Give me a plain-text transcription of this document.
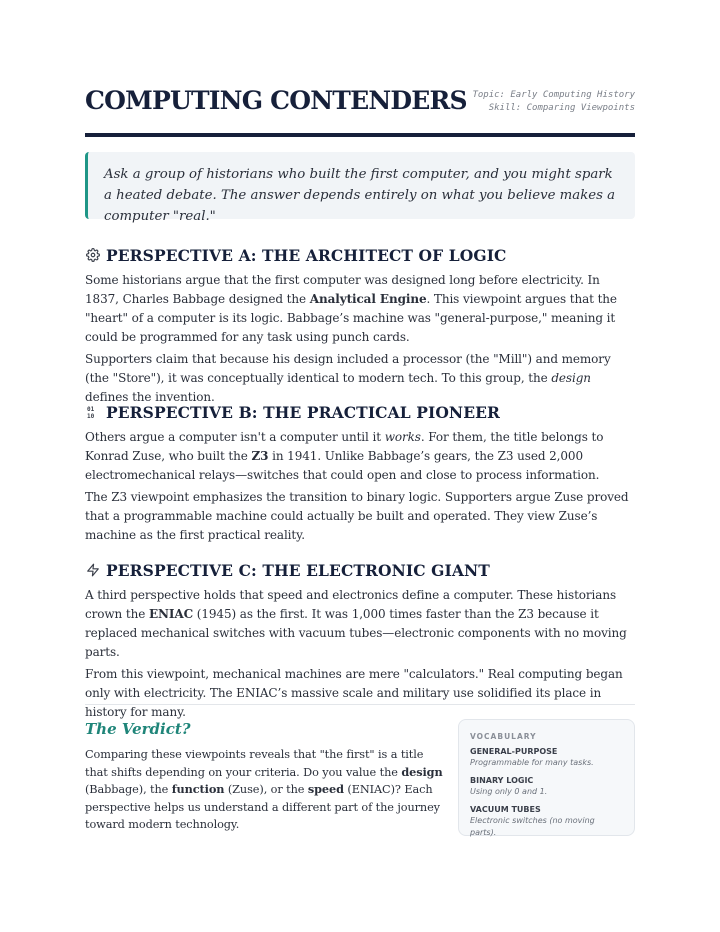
COMPUTING CONTENDERS Topic: Early Computing History
Skill: Comparing Viewpoints
Ask a group of historians who built the first computer, and you might spark a heated debate. The answer depends entirely on what you believe makes a computer "real."
PERSPECTIVE A: THE ARCHITECT OF LOGIC

Some historians argue that the first computer was designed long before electricity. In 1837, Charles Babbage designed the Analytical Engine. This viewpoint argues that the "heart" of a computer is its logic. Babbage’s machine was "general-purpose," meaning it could be programmed for any task using punch cards.

Supporters claim that because his design included a processor (the "Mill") and memory (the "Store"), it was conceptually identical to modern tech. To this group, the design defines the invention.

01
10 PERSPECTIVE B: THE PRACTICAL PIONEER

Others argue a computer isn't a computer until it works. For them, the title belongs to Konrad Zuse, who built the Z3 in 1941. Unlike Babbage’s gears, the Z3 used 2,000 electromechanical relays—switches that could open and close to process information.

The Z3 viewpoint emphasizes the transition to binary logic. Supporters argue Zuse proved that a programmable machine could actually be built and operated. They view Zuse’s machine as the first practical reality.

PERSPECTIVE C: THE ELECTRONIC GIANT

A third perspective holds that speed and electronics define a computer. These historians crown the ENIAC (1945) as the first. It was 1,000 times faster than the Z3 because it replaced mechanical switches with vacuum tubes—electronic components with no moving parts.

From this viewpoint, mechanical machines are mere "calculators." Real computing began only with electricity. The ENIAC’s massive scale and military use solidified its place in history for many.

The Verdict?

Comparing these viewpoints reveals that "the first" is a title that shifts depending on your criteria. Do you value the design (Babbage), the function (Zuse), or the speed (ENIAC)? Each perspective helps us understand a different part of the journey toward modern technology.

VOCABULARY
GENERAL-PURPOSE
Programmable for many tasks.
BINARY LOGIC
Using only 0 and 1.
VACUUM TUBES
Electronic switches (no moving parts).
